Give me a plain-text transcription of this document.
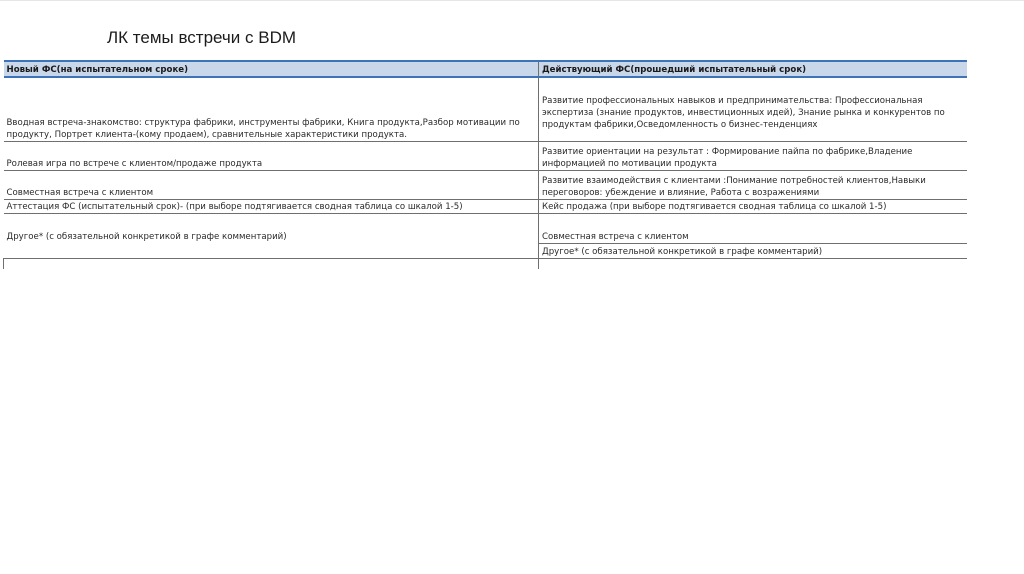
ЛК темы встречи с BDM
Новый ФС(на испытательном сроке)	Действующий ФС(прошедший испытательный срок)
Вводная встреча-знакомство: структура фабрики, инструменты фабрики, Книга продукта,Разбор мотивации по продукту, Портрет клиента-(кому продаем), сравнительные характеристики продукта.	Развитие профессиональных навыков и предпринимательства: Профессиональная экспертиза (знание продуктов, инвестиционных идей), Знание рынка и конкурентов по продуктам фабрики,Осведомленность о бизнес-тенденциях
Ролевая игра по встрече с клиентом/продаже продукта	Развитие ориентации на результат : Формирование пайпа по фабрике,Владение информацией по мотивации продукта
Совместная встреча с клиентом	Развитие взаимодействия с клиентами :Понимание потребностей клиентов,Навыки переговоров: убеждение и влияние, Работа с возражениями
Аттестация ФС (испытательный срок)- (при выборе подтягивается сводная таблица со шкалой 1-5)	Кейс продажа (при выборе подтягивается сводная таблица со шкалой 1-5)
Другое* (с обязательной конкретикой в графе комментарий)	Совместная встреча с клиентом
	Другое* (с обязательной конкретикой в графе комментарий)
